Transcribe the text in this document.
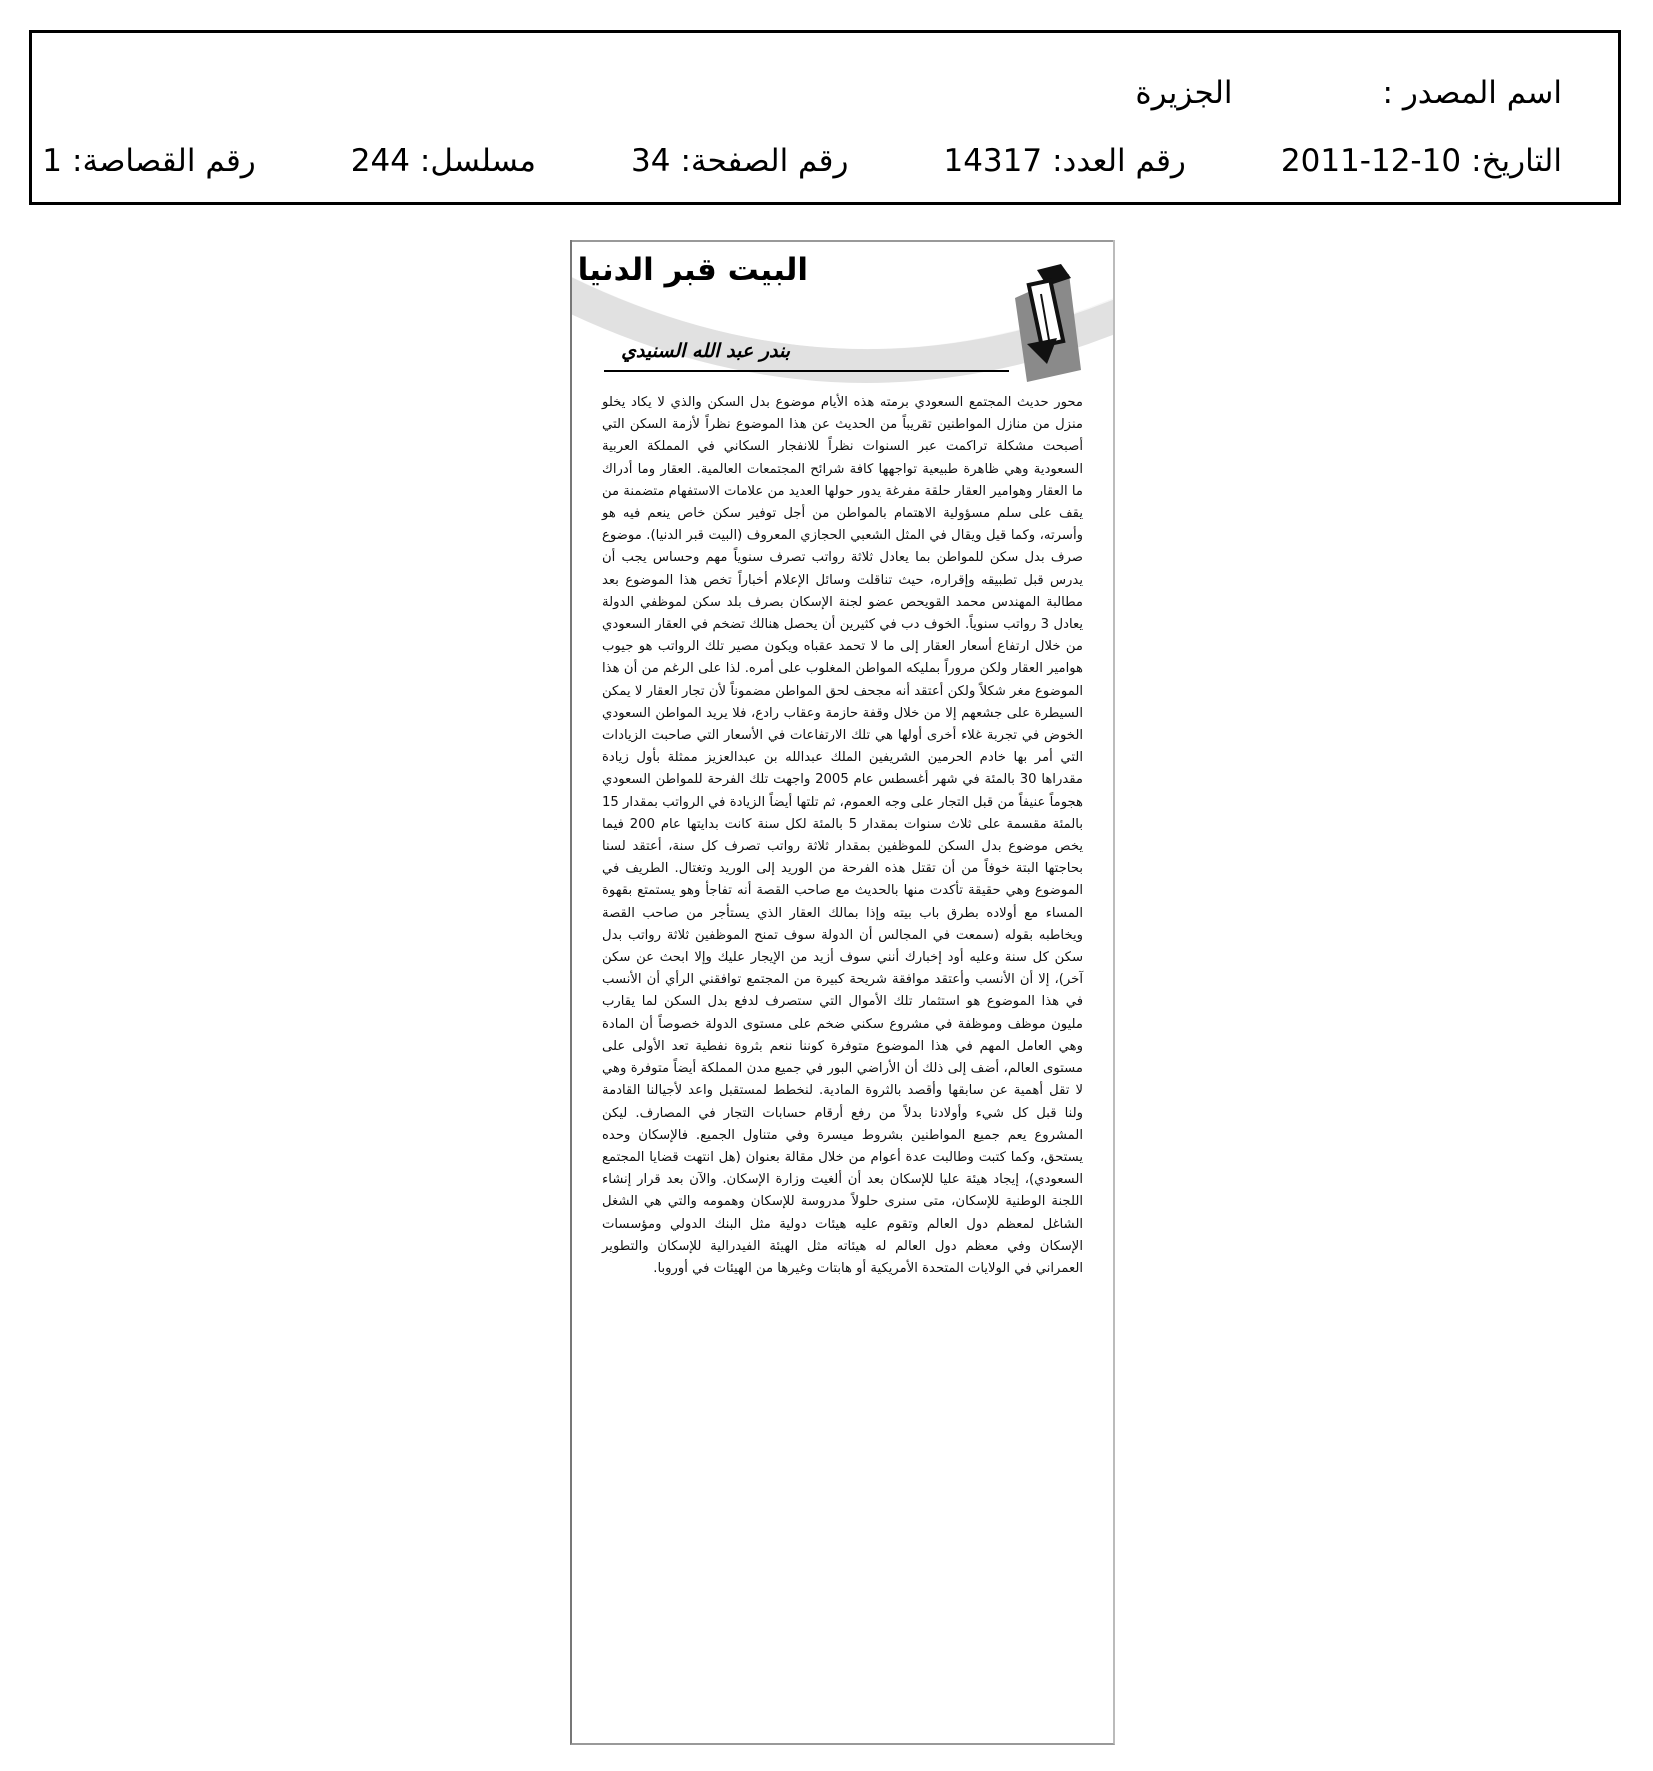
اسم المصدر :
الجزيرة
التاريخ:
2011-12-10
رقم العدد:
14317
رقم الصفحة:
34
مسلسل:
244
رقم القصاصة:
1
البيت قبر الدنيا
بندر عبد الله السنيدي
محور حديث المجتمع السعودي برمته هذه الأيام موضوع بدل السكن والذي لا يكاد يخلو منزل من منازل المواطنين تقريباً من الحديث عن هذا الموضوع نظراً لأزمة السكن التي أصبحت مشكلة تراكمت عبر السنوات نظراً للانفجار السكاني في المملكة العربية السعودية وهي ظاهرة طبيعية تواجهها كافة شرائح المجتمعات العالمية. العقار وما أدراك ما العقار وهوامير العقار حلقة مفرغة يدور حولها العديد من علامات الاستفهام متضمنة من يقف على سلم مسؤولية الاهتمام بالمواطن من أجل توفير سكن خاص ينعم فيه هو وأسرته، وكما قيل ويقال في المثل الشعبي الحجازي المعروف (البيت قبر الدنيا). موضوع صرف بدل سكن للمواطن بما يعادل ثلاثة رواتب تصرف سنوياً مهم وحساس يجب أن يدرس قبل تطبيقه وإقراره، حيث تناقلت وسائل الإعلام أخباراً تخص هذا الموضوع بعد مطالبة المهندس محمد القويحص عضو لجنة الإسكان بصرف بلد سكن لموظفي الدولة يعادل 3 رواتب سنوياً. الخوف دب في كثيرين أن يحصل هنالك تضخم في العقار السعودي من خلال ارتفاع أسعار العقار إلى ما لا تحمد عقباه ويكون مصير تلك الرواتب هو جيوب هوامير العقار ولكن مروراً بمليكه المواطن المغلوب على أمره. لذا على الرغم من أن هذا الموضوع مغر شكلاً ولكن أعتقد أنه مجحف لحق المواطن مضموناً لأن تجار العقار لا يمكن السيطرة على جشعهم إلا من خلال وقفة حازمة وعقاب رادع، فلا يريد المواطن السعودي الخوض في تجربة غلاء أخرى أولها هي تلك الارتفاعات في الأسعار التي صاحبت الزيادات التي أمر بها خادم الحرمين الشريفين الملك عبدالله بن عبدالعزيز ممثلة بأول زيادة مقدراها 30 بالمئة في شهر أغسطس عام 2005 واجهت تلك الفرحة للمواطن السعودي هجوماً عنيفاً من قبل التجار على وجه العموم، ثم تلتها أيضاً الزيادة في الرواتب بمقدار 15 بالمئة مقسمة على ثلاث سنوات بمقدار 5 بالمئة لكل سنة كانت بدايتها عام 200 فيما يخص موضوع بدل السكن للموظفين بمقدار ثلاثة رواتب تصرف كل سنة، أعتقد لسنا بحاجتها البتة خوفاً من أن تقتل هذه الفرحة من الوريد إلى الوريد وتغتال. الطريف في الموضوع وهي حقيقة تأكدت منها بالحديث مع صاحب القصة أنه تفاجأ وهو يستمتع بقهوة المساء مع أولاده بطرق باب بيته وإذا بمالك العقار الذي يستأجر من صاحب القصة ويخاطبه بقوله (سمعت في المجالس أن الدولة سوف تمنح الموظفين ثلاثة رواتب بدل سكن كل سنة وعليه أود إخبارك أنني سوف أزيد من الإيجار عليك وإلا ابحث عن سكن آخر)، إلا أن الأنسب وأعتقد موافقة شريحة كبيرة من المجتمع توافقني الرأي أن الأنسب في هذا الموضوع هو استثمار تلك الأموال التي ستصرف لدفع بدل السكن لما يقارب مليون موظف وموظفة في مشروع سكني ضخم على مستوى الدولة خصوصاً أن المادة وهي العامل المهم في هذا الموضوع متوفرة كوننا ننعم بثروة نفطية تعد الأولى على مستوى العالم، أضف إلى ذلك أن الأراضي البور في جميع مدن المملكة أيضاً متوفرة وهي لا تقل أهمية عن سابقها وأقصد بالثروة المادية. لنخطط لمستقبل واعد لأجيالنا القادمة ولنا قبل كل شيء وأولادنا بدلاً من رفع أرقام حسابات التجار في المصارف. ليكن المشروع يعم جميع المواطنين بشروط ميسرة وفي متناول الجميع. فالإسكان وحده يستحق، وكما كتبت وطالبت عدة أعوام من خلال مقالة بعنوان (هل انتهت قضايا المجتمع السعودي)، إيجاد هيئة عليا للإسكان بعد أن ألغيت وزارة الإسكان. والآن بعد قرار إنشاء اللجنة الوطنية للإسكان، متى سنرى حلولاً مدروسة للإسكان وهمومه والتي هي الشغل الشاغل لمعظم دول العالم وتقوم عليه هيئات دولية مثل البنك الدولي ومؤسسات الإسكان وفي معظم دول العالم له هيئاته مثل الهيئة الفيدرالية للإسكان والتطوير العمراني في الولايات المتحدة الأمريكية أو هابتات وغيرها من الهيئات في أوروبا.
